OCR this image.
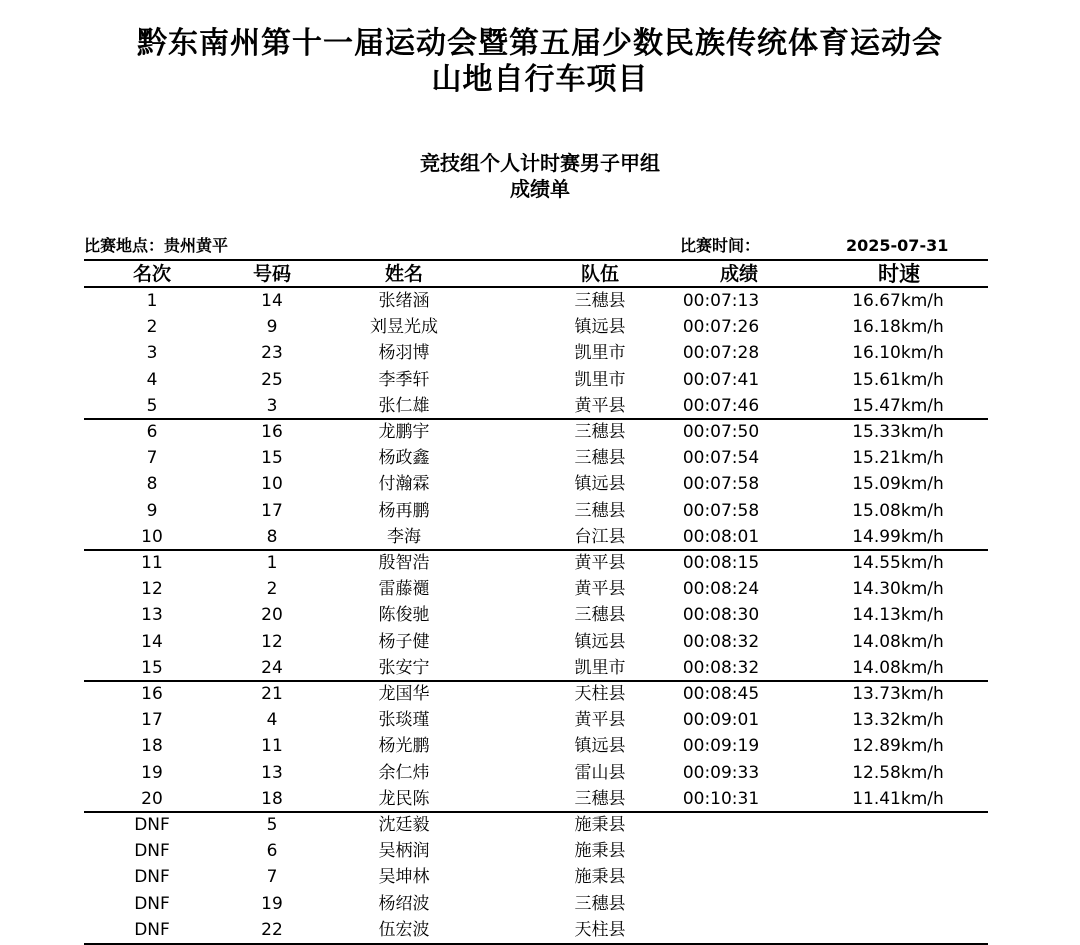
黔东南州第十一届运动会暨第五届少数民族传统体育运动会
山地自行车项目
竞技组个人计时赛男子甲组
成绩单
比赛地点：贵州黄平	比赛时间：	2025-07-31
名次	号码	姓名	队伍	成绩	时速
1	14	张绪涵	三穗县	00:07:13	16.67km/h
2	9	刘昱光成	镇远县	00:07:26	16.18km/h
3	23	杨羽博	凯里市	00:07:28	16.10km/h
4	25	李季轩	凯里市	00:07:41	15.61km/h
5	3	张仁雄	黄平县	00:07:46	15.47km/h
6	16	龙鹏宇	三穗县	00:07:50	15.33km/h
7	15	杨政鑫	三穗县	00:07:54	15.21km/h
8	10	付瀚霖	镇远县	00:07:58	15.09km/h
9	17	杨再鹏	三穗县	00:07:58	15.08km/h
10	8	李海	台江县	00:08:01	14.99km/h
11	1	殷智浩	黄平县	00:08:15	14.55km/h
12	2	雷藤禵	黄平县	00:08:24	14.30km/h
13	20	陈俊驰	三穗县	00:08:30	14.13km/h
14	12	杨子健	镇远县	00:08:32	14.08km/h
15	24	张安宁	凯里市	00:08:32	14.08km/h
16	21	龙国华	天柱县	00:08:45	13.73km/h
17	4	张琰瑾	黄平县	00:09:01	13.32km/h
18	11	杨光鹏	镇远县	00:09:19	12.89km/h
19	13	余仁炜	雷山县	00:09:33	12.58km/h
20	18	龙民陈	三穗县	00:10:31	11.41km/h
DNF	5	沈廷毅	施秉县
DNF	6	吴柄润	施秉县
DNF	7	吴坤林	施秉县
DNF	19	杨绍波	三穗县
DNF	22	伍宏波	天柱县
